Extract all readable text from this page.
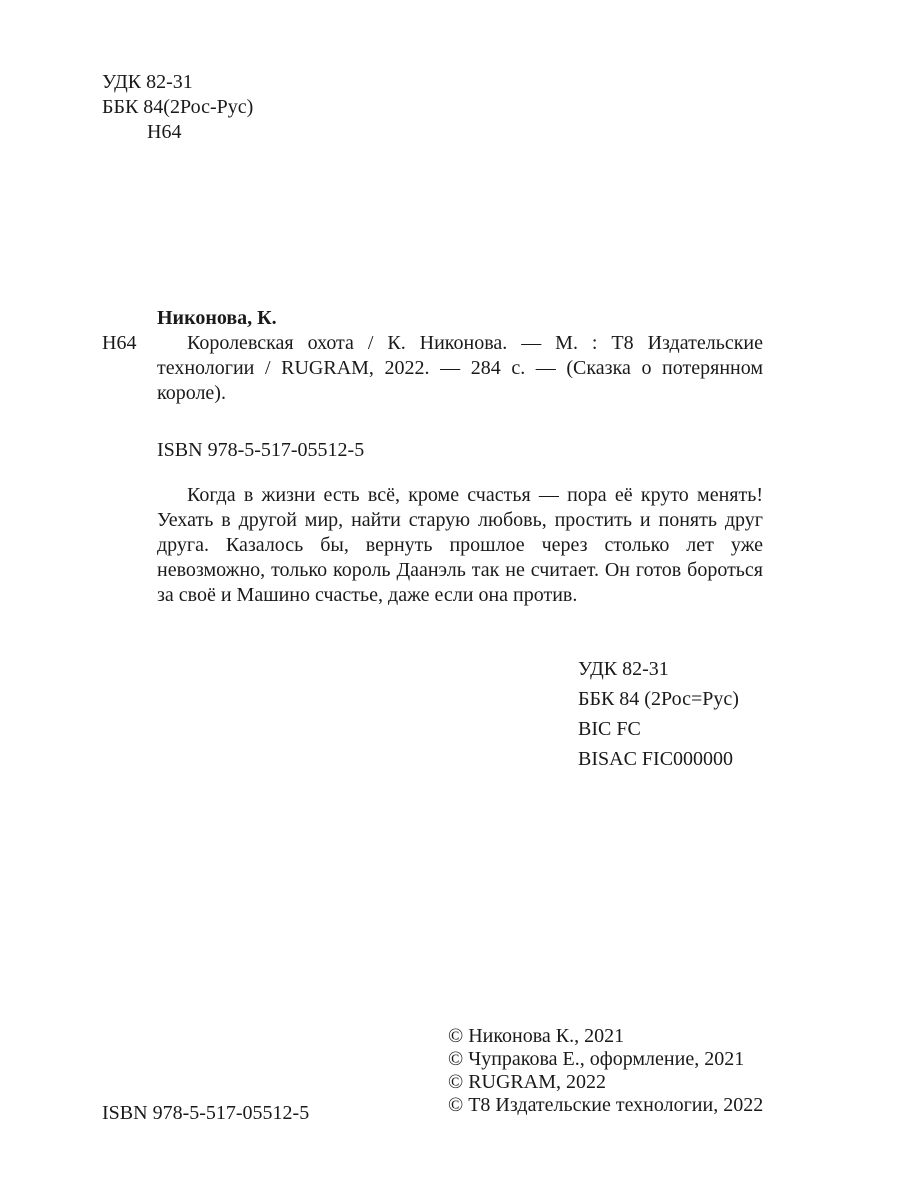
УДК 82-31
ББК 84(2Рос-Рус)
Н64
Н64
Никонова, К.
Королевская охота / К. Никонова. — М. : Т8 Издательские технологии / RUGRAM, 2022. — 284 с. — (Сказка о потерянном короле).
ISBN 978-5-517-05512-5
Когда в жизни есть всё, кроме счастья — пора её круто менять! Уехать в другой мир, найти старую любовь, простить и понять друг друга. Казалось бы, вернуть прошлое через столько лет уже невозможно, только король Даанэль так не считает. Он готов бороться за своё и Машино счастье, даже если она против.
УДК 82-31
ББК 84 (2Рос=Рус)
BIC FC
BISAC FIC000000
© Никонова К., 2021
© Чупракова Е., оформление, 2021
© RUGRAM, 2022
© Т8 Издательские технологии, 2022
ISBN 978-5-517-05512-5
